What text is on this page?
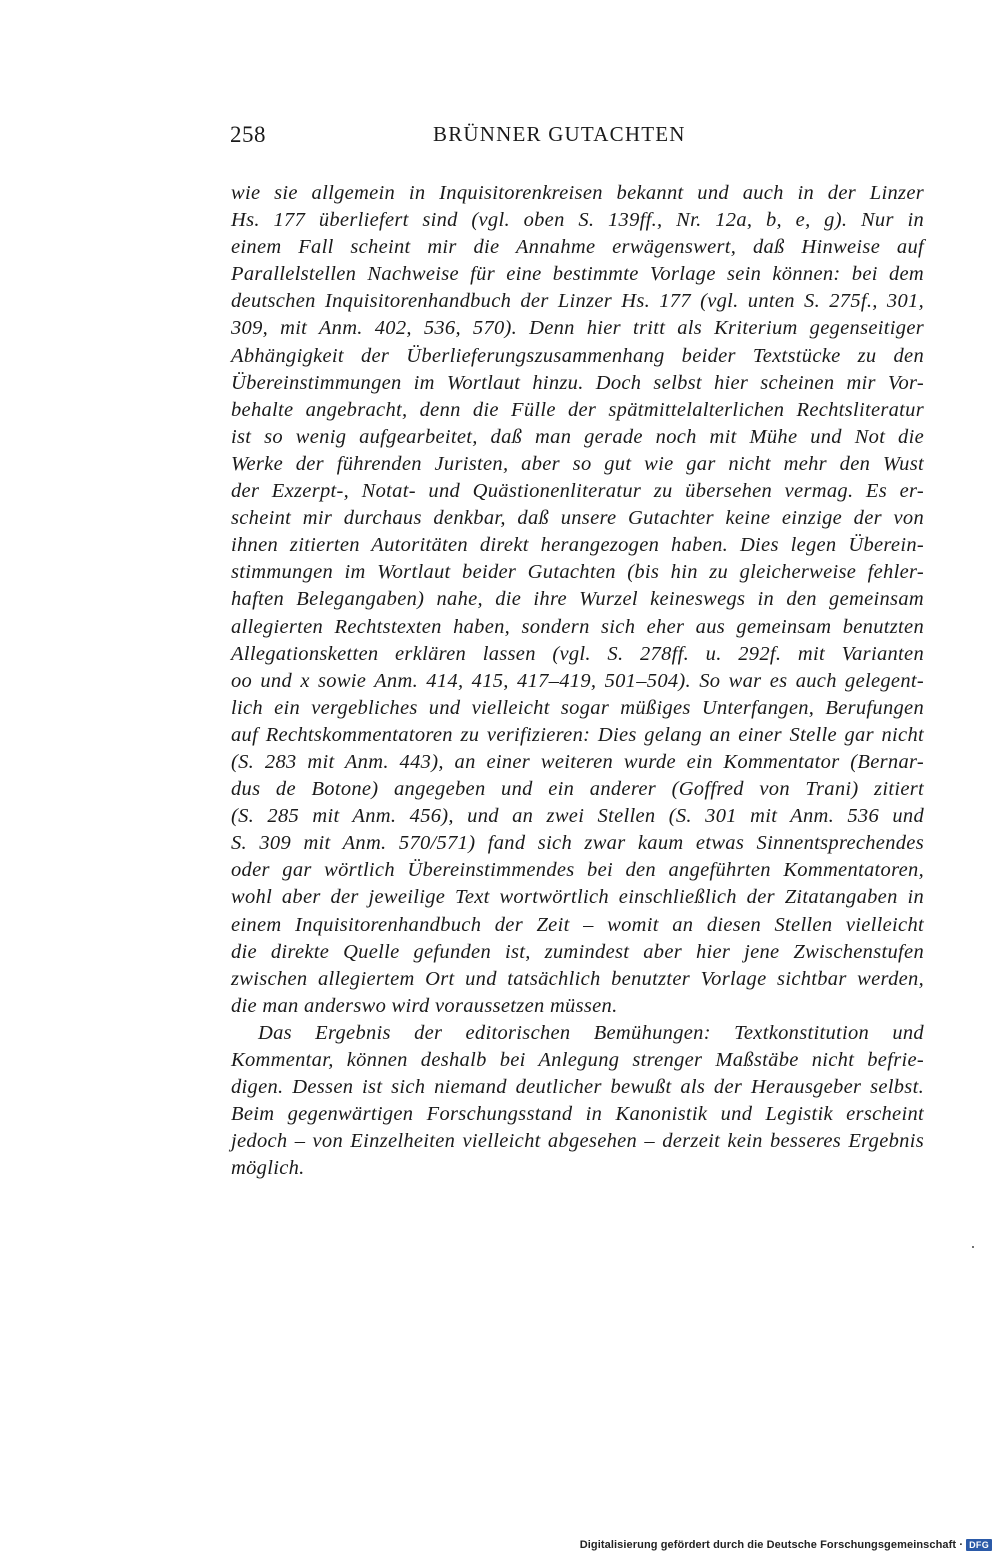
258	BRÜNNER GUTACHTEN
wie sie allgemein in Inquisitorenkreisen bekannt und auch in der Linzer
Hs. 177 überliefert sind (vgl. oben S. 139ff., Nr. 12a, b, e, g). Nur in
einem Fall scheint mir die Annahme erwägenswert, daß Hinweise auf
Parallelstellen Nachweise für eine bestimmte Vorlage sein können: bei dem
deutschen Inquisitorenhandbuch der Linzer Hs. 177 (vgl. unten S. 275f., 301,
309, mit Anm. 402, 536, 570). Denn hier tritt als Kriterium gegenseitiger
Abhängigkeit der Überlieferungszusammenhang beider Textstücke zu den
Übereinstimmungen im Wortlaut hinzu. Doch selbst hier scheinen mir Vor-
behalte angebracht, denn die Fülle der spätmittelalterlichen Rechtsliteratur
ist so wenig aufgearbeitet, daß man gerade noch mit Mühe und Not die
Werke der führenden Juristen, aber so gut wie gar nicht mehr den Wust
der Exzerpt-, Notat- und Quästionenliteratur zu übersehen vermag. Es er-
scheint mir durchaus denkbar, daß unsere Gutachter keine einzige der von
ihnen zitierten Autoritäten direkt herangezogen haben. Dies legen Überein-
stimmungen im Wortlaut beider Gutachten (bis hin zu gleicherweise fehler-
haften Belegangaben) nahe, die ihre Wurzel keineswegs in den gemeinsam
allegierten Rechtstexten haben, sondern sich eher aus gemeinsam benutzten
Allegationsketten erklären lassen (vgl. S. 278ff. u. 292f. mit Varianten
oo und x sowie Anm. 414, 415, 417–419, 501–504). So war es auch gelegent-
lich ein vergebliches und vielleicht sogar müßiges Unterfangen, Berufungen
auf Rechtskommentatoren zu verifizieren: Dies gelang an einer Stelle gar nicht
(S. 283 mit Anm. 443), an einer weiteren wurde ein Kommentator (Bernar-
dus de Botone) angegeben und ein anderer (Goffred von Trani) zitiert
(S. 285 mit Anm. 456), und an zwei Stellen (S. 301 mit Anm. 536 und
S. 309 mit Anm. 570/571) fand sich zwar kaum etwas Sinnentsprechendes
oder gar wörtlich Übereinstimmendes bei den angeführten Kommentatoren,
wohl aber der jeweilige Text wortwörtlich einschließlich der Zitatangaben in
einem Inquisitorenhandbuch der Zeit – womit an diesen Stellen vielleicht
die direkte Quelle gefunden ist, zumindest aber hier jene Zwischenstufen
zwischen allegiertem Ort und tatsächlich benutzter Vorlage sichtbar werden,
die man anderswo wird voraussetzen müssen.
Das Ergebnis der editorischen Bemühungen: Textkonstitution und
Kommentar, können deshalb bei Anlegung strenger Maßstäbe nicht befrie-
digen. Dessen ist sich niemand deutlicher bewußt als der Herausgeber selbst.
Beim gegenwärtigen Forschungsstand in Kanonistik und Legistik erscheint
jedoch – von Einzelheiten vielleicht abgesehen – derzeit kein besseres Ergebnis
möglich.
Digitalisierung gefördert durch die Deutsche Forschungsgemeinschaft · DFG
